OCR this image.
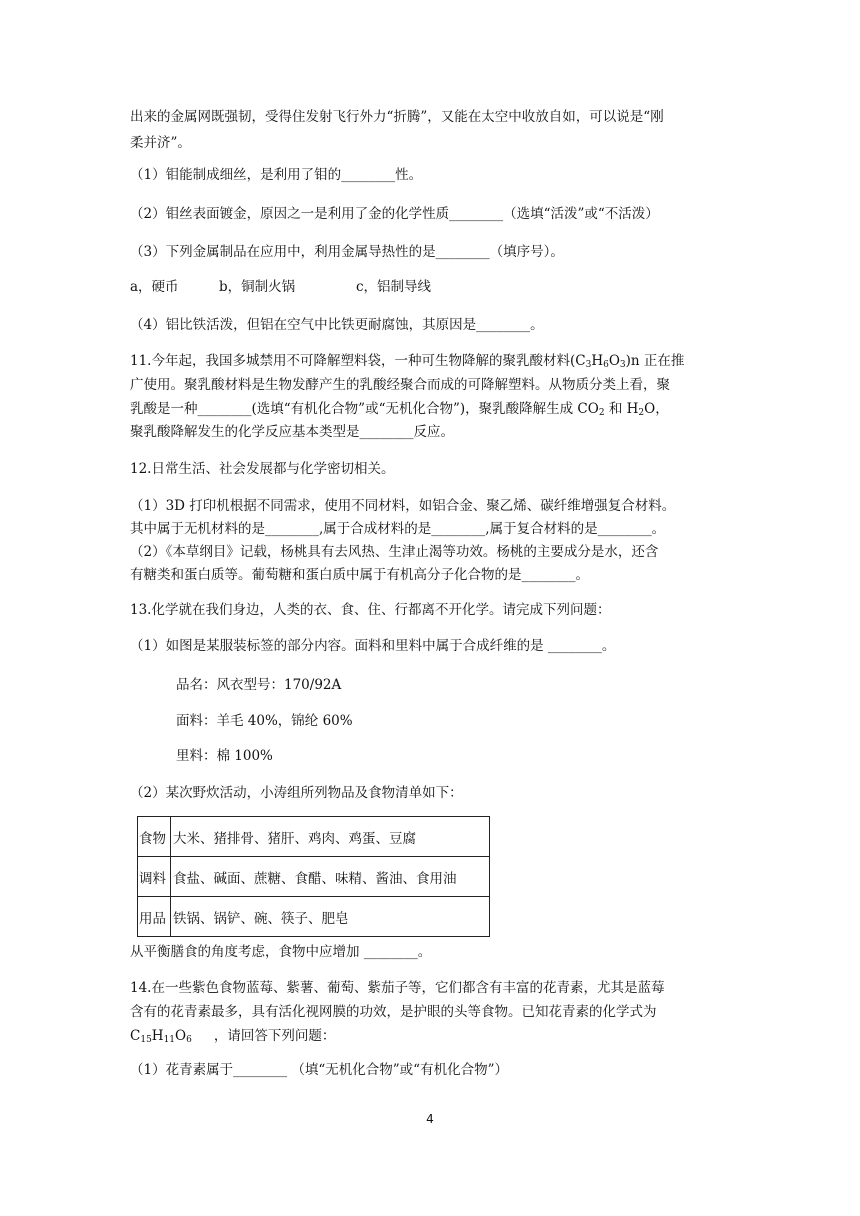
出来的金属网既强韧，受得住发射飞行外力“折腾”，又能在太空中收放自如，可以说是“刚
柔并济”。
（1）钼能制成细丝，是利用了钼的________性。
（2）钼丝表面镀金，原因之一是利用了金的化学性质________（选填“活泼”或“不活泼）
（3）下列金属制品在应用中，利用金属导热性的是________（填序号）。
a，硬币	b，铜制火锅	c，铝制导线
（4）铝比铁活泼，但铝在空气中比铁更耐腐蚀，其原因是________。
11.今年起，我国多城禁用不可降解塑料袋，一种可生物降解的聚乳酸材料$(C_3H_6O_3)n$ 正在推
广使用。聚乳酸材料是生物发酵产生的乳酸经聚合而成的可降解塑料。从物质分类上看，聚
乳酸是一种________(选填“有机化合物”或“无机化合物”)，聚乳酸降解生成 $CO_2$ 和 $H_2O$，
聚乳酸降解发生的化学反应基本类型是________反应。
12.日常生活、社会发展都与化学密切相关。
（1）3D 打印机根据不同需求，使用不同材料，如铝合金、聚乙烯、碳纤维增强复合材料。
其中属于无机材料的是________,属于合成材料的是________,属于复合材料的是________。
（2）《本草纲目》记载，杨桃具有去风热、生津止渴等功效。杨桃的主要成分是水，还含
有糖类和蛋白质等。葡萄糖和蛋白质中属于有机高分子化合物的是________。
13.化学就在我们身边，人类的衣、食、住、行都离不开化学。请完成下列问题：
（1）如图是某服装标签的部分内容。面料和里料中属于合成纤维的是 ________。
品名：风衣型号：170/92A
面料：羊毛 40%，锦纶 60%
里料：棉 100%
（2）某次野炊活动，小涛组所列物品及食物清单如下：
食物	大米、猪排骨、猪肝、鸡肉、鸡蛋、豆腐
调料	食盐、碱面、蔗糖、食醋、味精、酱油、食用油
用品	铁锅、锅铲、碗、筷子、肥皂
从平衡膳食的角度考虑，食物中应增加 ________。
14.在一些紫色食物蓝莓、紫薯、葡萄、紫茄子等，它们都含有丰富的花青素，尤其是蓝莓
含有的花青素最多，具有活化视网膜的功效，是护眼的头等食物。已知花青素的化学式为
$C_{15}H_{11}O_6$ ，请回答下列问题：
（1）花青素属于________ （填“无机化合物”或“有机化合物”）
4
